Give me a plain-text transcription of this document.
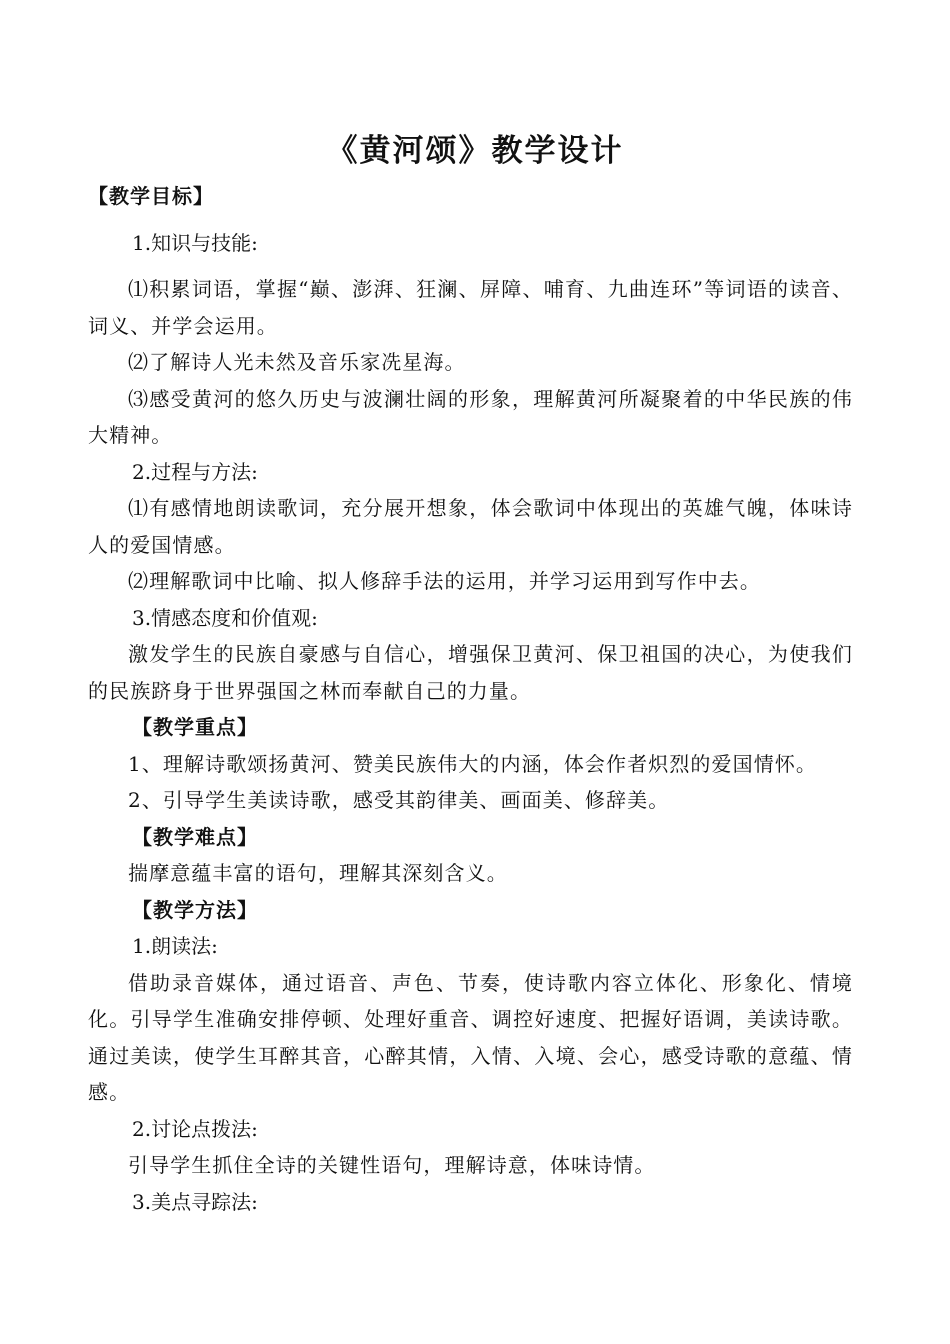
《黄河颂》教学设计
【教学目标】
1.知识与技能:
⑴积累词语，掌握“巅、澎湃、狂澜、屏障、哺育、九曲连环”等词语的读音、词义、并学会运用。
⑵了解诗人光未然及音乐家冼星海。
⑶感受黄河的悠久历史与波澜壮阔的形象，理解黄河所凝聚着的中华民族的伟大精神。
2.过程与方法:
⑴有感情地朗读歌词，充分展开想象，体会歌词中体现出的英雄气魄，体味诗人的爱国情感。
⑵理解歌词中比喻、拟人修辞手法的运用，并学习运用到写作中去。
3.情感态度和价值观:
激发学生的民族自豪感与自信心，增强保卫黄河、保卫祖国的决心，为使我们的民族跻身于世界强国之林而奉献自己的力量。
【教学重点】
1、理解诗歌颂扬黄河、赞美民族伟大的内涵，体会作者炽烈的爱国情怀。
2、引导学生美读诗歌，感受其韵律美、画面美、修辞美。
【教学难点】
揣摩意蕴丰富的语句，理解其深刻含义。
【教学方法】
1.朗读法:
借助录音媒体，通过语音、声色、节奏，使诗歌内容立体化、形象化、情境化。引导学生准确安排停顿、处理好重音、调控好速度、把握好语调，美读诗歌。通过美读，使学生耳醉其音，心醉其情，入情、入境、会心，感受诗歌的意蕴、情感。
2.讨论点拨法:
引导学生抓住全诗的关键性语句，理解诗意，体味诗情。
3.美点寻踪法:
